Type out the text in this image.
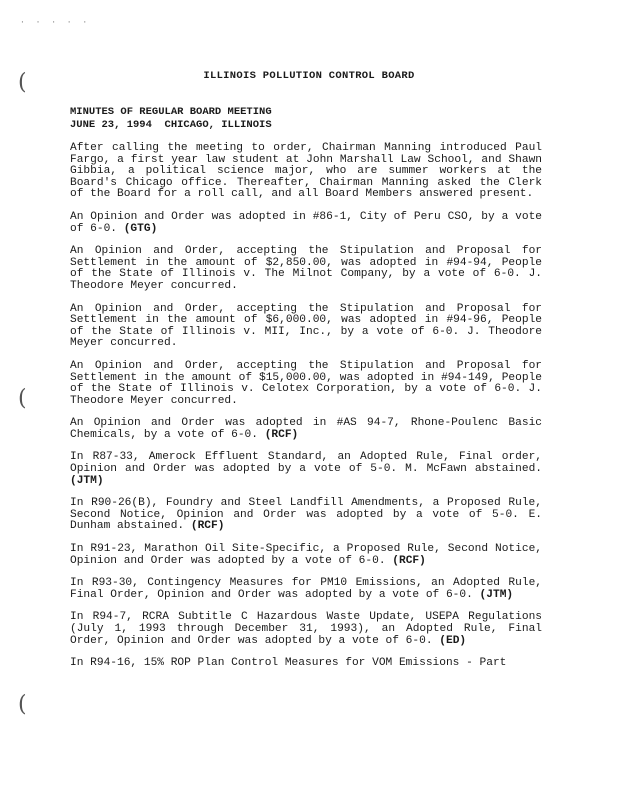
· · · · ·
(
(
(
ILLINOIS POLLUTION CONTROL BOARD
MINUTES OF REGULAR BOARD MEETING
JUNE 23, 1994  CHICAGO, ILLINOIS

After calling the meeting to order, Chairman Manning introduced Paul Fargo, a first year law student at John Marshall Law School, and Shawn Gibbia, a political science major, who are summer workers at the Board's Chicago office. Thereafter, Chairman Manning asked the Clerk of the Board for a roll call, and all Board Members answered present.

An Opinion and Order was adopted in #86-1, City of Peru CSO, by a vote of 6-0. (GTG)

An Opinion and Order, accepting the Stipulation and Proposal for Settlement in the amount of $2,850.00, was adopted in #94-94, People of the State of Illinois v. The Milnot Company, by a vote of 6-0. J. Theodore Meyer concurred.

An Opinion and Order, accepting the Stipulation and Proposal for Settlement in the amount of $6,000.00, was adopted in #94-96, People of the State of Illinois v. MII, Inc., by a vote of 6-0. J. Theodore Meyer concurred.

An Opinion and Order, accepting the Stipulation and Proposal for Settlement in the amount of $15,000.00, was adopted in #94-149, People of the State of Illinois v. Celotex Corporation, by a vote of 6-0. J. Theodore Meyer concurred.

An Opinion and Order was adopted in #AS 94-7, Rhone-Poulenc Basic Chemicals, by a vote of 6-0. (RCF)

In R87-33, Amerock Effluent Standard, an Adopted Rule, Final order, Opinion and Order was adopted by a vote of 5-0. M. McFawn abstained. (JTM)

In R90-26(B), Foundry and Steel Landfill Amendments, a Proposed Rule, Second Notice, Opinion and Order was adopted by a vote of 5-0. E. Dunham abstained. (RCF)

In R91-23, Marathon Oil Site-Specific, a Proposed Rule, Second Notice, Opinion and Order was adopted by a vote of 6-0. (RCF)

In R93-30, Contingency Measures for PM10 Emissions, an Adopted Rule, Final Order, Opinion and Order was adopted by a vote of 6-0. (JTM)

In R94-7, RCRA Subtitle C Hazardous Waste Update, USEPA Regulations (July 1, 1993 through December 31, 1993), an Adopted Rule, Final Order, Opinion and Order was adopted by a vote of 6-0. (ED)

In R94-16, 15% ROP Plan Control Measures for VOM Emissions - Part
